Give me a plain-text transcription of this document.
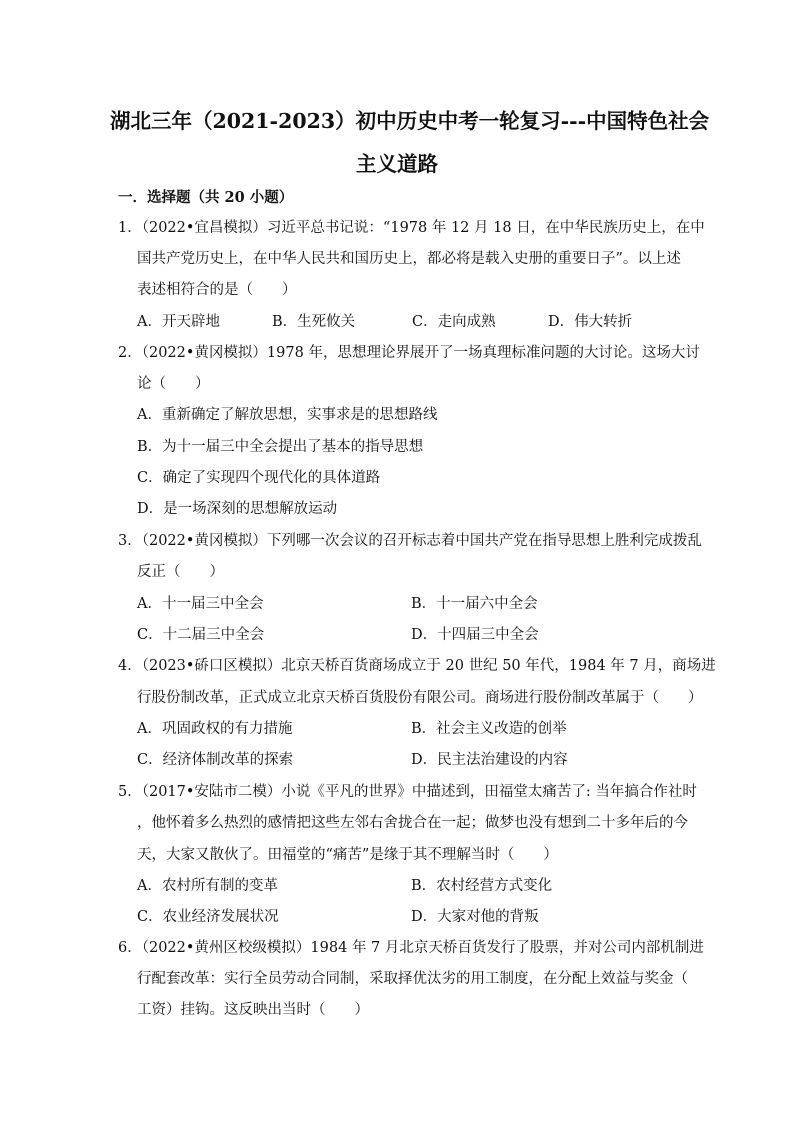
湖北三年（2021-2023）初中历史中考一轮复习---中国特色社会
主义道路
一．选择题（共 20 小题）
1．（2022•宜昌模拟）习近平总书记说：“1978 年 12 月 18 日，在中华民族历史上，在中
国共产党历史上，在中华人民共和国历史上，都必将是载入史册的重要日子”。以上述
表述相符合的是（　　）
A．开天辟地	B．生死攸关	C．走向成熟	D．伟大转折
2．（2022•黄冈模拟）1978 年，思想理论界展开了一场真理标准问题的大讨论。这场大讨
论（　　）
A．重新确定了解放思想，实事求是的思想路线
B．为十一届三中全会提出了基本的指导思想
C．确定了实现四个现代化的具体道路
D．是一场深刻的思想解放运动
3．（2022•黄冈模拟）下列哪一次会议的召开标志着中国共产党在指导思想上胜利完成拨乱
反正（　　）
A．十一届三中全会	B．十一届六中全会
C．十二届三中全会	D．十四届三中全会
4．（2023•硚口区模拟）北京天桥百货商场成立于 20 世纪 50 年代，1984 年 7 月，商场进
行股份制改革，正式成立北京天桥百货股份有限公司。商场进行股份制改革属于（　　）
A．巩固政权的有力措施	B．社会主义改造的创举
C．经济体制改革的探索	D．民主法治建设的内容
5．（2017•安陆市二模）小说《平凡的世界》中描述到，田福堂太痛苦了: 当年搞合作社时
，他怀着多么热烈的感情把这些左邻右舍拢合在一起；做梦也没有想到二十多年后的今
天，大家又散伙了。田福堂的“痛苦”是缘于其不理解当时（　　）
A．农村所有制的变革	B．农村经营方式变化
C．农业经济发展状况	D．大家对他的背叛
6．（2022•黄州区校级模拟）1984 年 7 月北京天桥百货发行了股票，并对公司内部机制进
行配套改革：实行全员劳动合同制，采取择优汰劣的用工制度，在分配上效益与奖金（
工资）挂钩。这反映出当时（　　）
